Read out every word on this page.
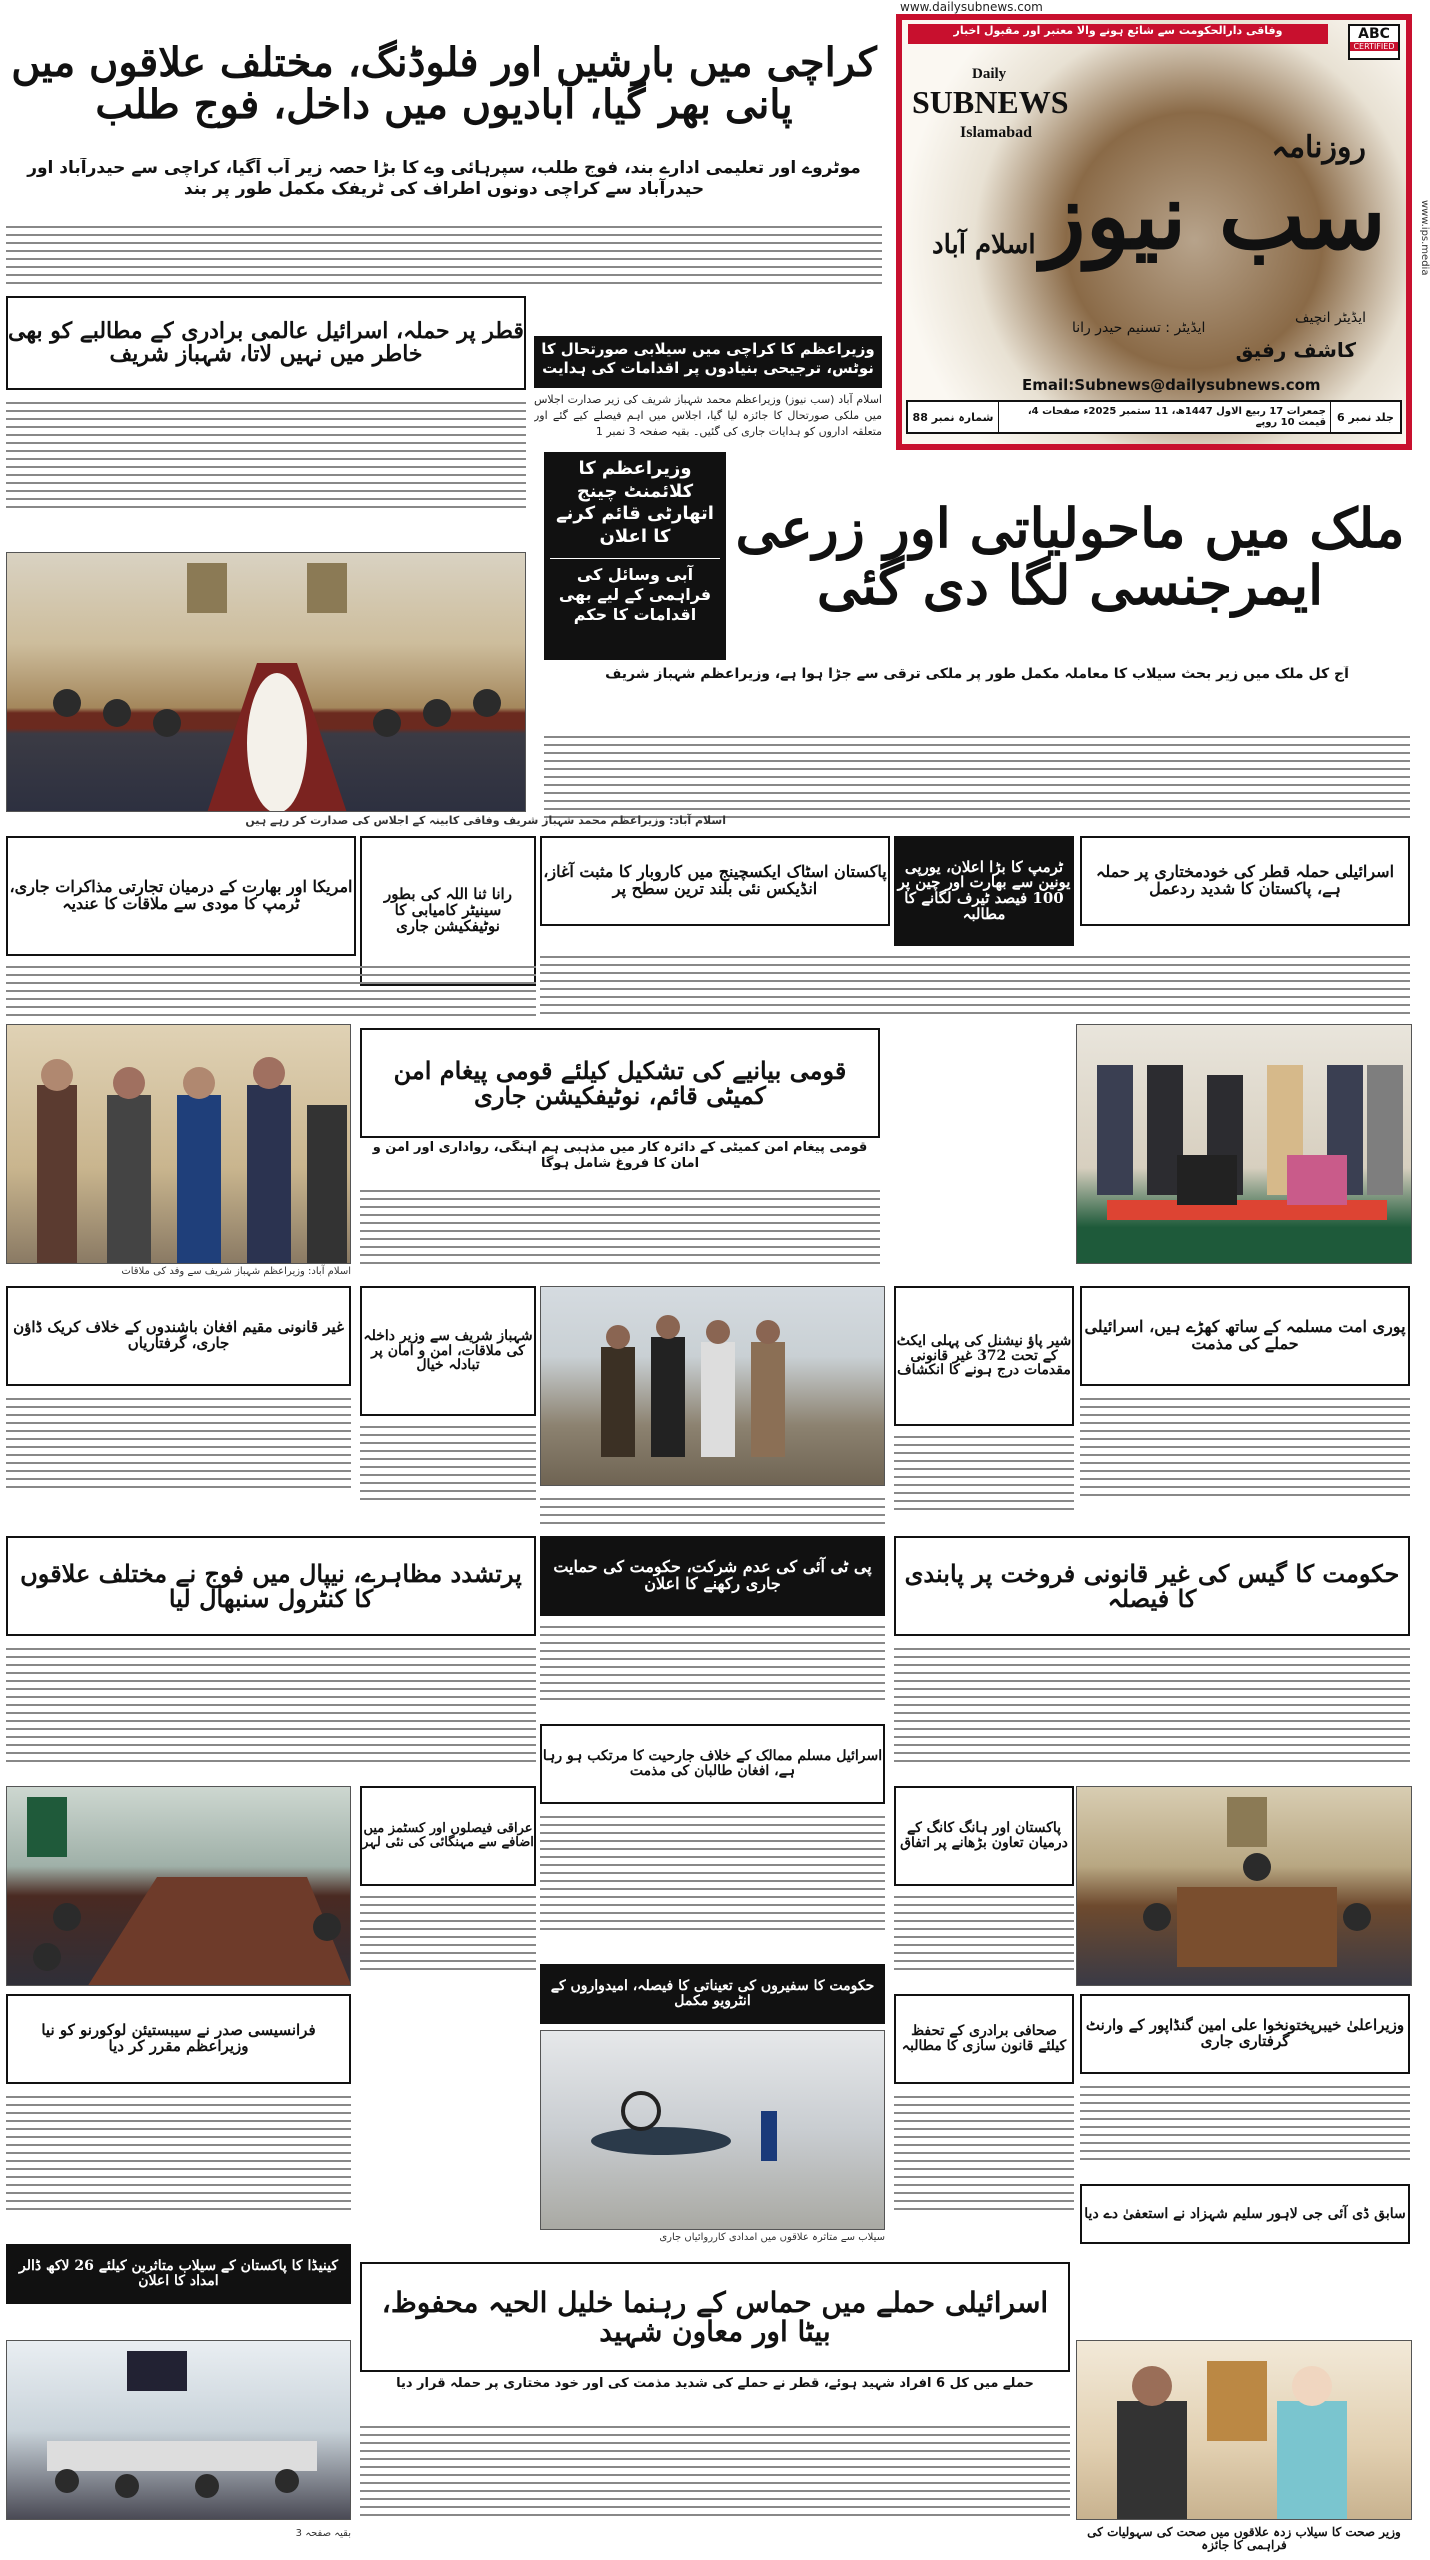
کراچی میں بارشیں اور فلوڈنگ، مختلف علاقوں میں پانی بھر گیا، آبادیوں میں داخل، فوج طلب
موٹروے اور تعلیمی ادارے بند، فوج طلب، سپرہائی وے کا بڑا حصہ زیر آب آگیا، کراچی سے حیدرآباد اور حیدرآباد سے کراچی دونوں اطراف کی ٹریفک مکمل طور پر بند
قطر پر حملہ، اسرائیل عالمی برادری کے مطالبے کو بھی خاطر میں نہیں لاتا، شہباز شریف	وزیراعظم کا کراچی میں سیلابی صورتحال کا نوٹس، ترجیحی بنیادوں پر اقدامات کی ہدایت
اسلام آباد (سب نیوز) وزیراعظم محمد شہباز شریف کی زیر صدارت اجلاس میں ملکی صورتحال کا جائزہ لیا گیا، اجلاس میں اہم فیصلے کیے گئے اور متعلقہ اداروں کو ہدایات جاری کی گئیں۔ بقیہ صفحہ 3 نمبر 1
www.dailysubnews.com
وفاقی دارالحکومت سے شائع ہونے والا معتبر اور مقبول اخبار	ABC
CERTIFIED
Daily
SUBNEWS
Islamabad	روزنامہ
سب نیوز
اسلام آباد
ایڈیٹر انچیف
کاشف رفیق
ایڈیٹر : تسنیم حیدر رانا
Email:Subnews@dailysubnews.com
جلد نمبر 6
جمعرات 17 ربیع الاول 1447ھ، 11 ستمبر 2025ء صفحات 4، قیمت 10 روپے
شمارہ نمبر 88
www.ips.media
ملک میں ماحولیاتی اور زرعی ایمرجنسی لگا دی گئی
وزیراعظم کا کلائمنٹ چینج اتھارٹی قائم کرنے کا اعلان
آبی وسائل کی فراہمی کے لیے بھی اقدامات کا حکم
آج کل ملک میں زیر بحث سیلاب کا معاملہ مکمل طور پر ملکی ترقی سے جڑا ہوا ہے، وزیراعظم شہباز شریف
اسلام آباد: وزیراعظم محمد شہباز شریف وفاقی کابینہ کے اجلاس کی صدارت کر رہے ہیں
امریکا اور بھارت کے درمیان تجارتی مذاکرات جاری، ٹرمپ کا مودی سے ملاقات کا عندیہ	رانا ثنا اللہ کی بطور سینیٹر کامیابی کا نوٹیفکیشن جاری
پاکستان اسٹاک ایکسچینج میں کاروبار کا مثبت آغاز، انڈیکس نئی بلند ترین سطح پر
ٹرمپ کا بڑا اعلان، یورپی یونین سے بھارت اور چین پر 100 فیصد ٹیرف لگانے کا مطالبہ
اسرائیلی حملہ قطر کی خودمختاری پر حملہ ہے، پاکستان کا شدید ردعمل
اسلام آباد: وزیراعظم شہباز شریف سے وفد کی ملاقات
قومی بیانیے کی تشکیل کیلئے قومی پیغام امن کمیٹی قائم، نوٹیفکیشن جاری
قومی پیغام امن کمیٹی کے دائرہ کار میں مذہبی ہم آہنگی، رواداری اور امن و امان کا فروغ شامل ہوگا
غیر قانونی مقیم افغان باشندوں کے خلاف کریک ڈاؤن جاری، گرفتاریاں	شہباز شریف سے وزیر داخلہ کی ملاقات، امن و امان پر تبادلہ خیال
شیر پاؤ نیشنل کی پہلی ایکٹ کے تحت 372 غیر قانونی مقدمات درج ہونے کا انکشاف
پوری امت مسلمہ کے ساتھ کھڑے ہیں، اسرائیلی حملے کی مذمت
پرتشدد مظاہرے، نیپال میں فوج نے مختلف علاقوں کا کنٹرول سنبھال لیا
پی ٹی آئی کی عدم شرکت، حکومت کی حمایت جاری رکھنے کا اعلان	حکومت کا گیس کی غیر قانونی فروخت پر پابندی کا فیصلہ
اسرائیل مسلم ممالک کے خلاف جارحیت کا مرتکب ہو رہا ہے، افغان طالبان کی مذمت
عراقی فیصلوں اور کسٹمز میں اضافے سے مہنگائی کی نئی لہر
پاکستان اور ہانگ کانگ کے درمیان تعاون بڑھانے پر اتفاق
حکومت کا سفیروں کی تعیناتی کا فیصلہ، امیدواروں کے انٹرویو مکمل
صحافی برادری کے تحفظ کیلئے قانون سازی کا مطالبہ
فرانسیسی صدر نے سیبستیئن لوکورنو کو نیا وزیراعظم مقرر کر دیا
وزیراعلیٰ خیبرپختونخوا علی امین گنڈاپور کے وارنٹ گرفتاری جاری
سیلاب سے متاثرہ علاقوں میں امدادی کارروائیاں جاری
کینیڈا کا پاکستان کے سیلاب متاثرین کیلئے 26 لاکھ ڈالر امداد کا اعلان
سابق ڈی آئی جی لاہور سلیم شہزاد نے استعفیٰ دے دیا
اسرائیلی حملے میں حماس کے رہنما خلیل الحیہ محفوظ، بیٹا اور معاون شہید
حملے میں کل 6 افراد شہید ہوئے، قطر نے حملے کی شدید مذمت کی اور خود مختاری پر حملہ قرار دیا
وزیر صحت کا سیلاب زدہ علاقوں میں صحت کی سہولیات کی فراہمی کا جائزہ
بقیہ صفحہ 3
